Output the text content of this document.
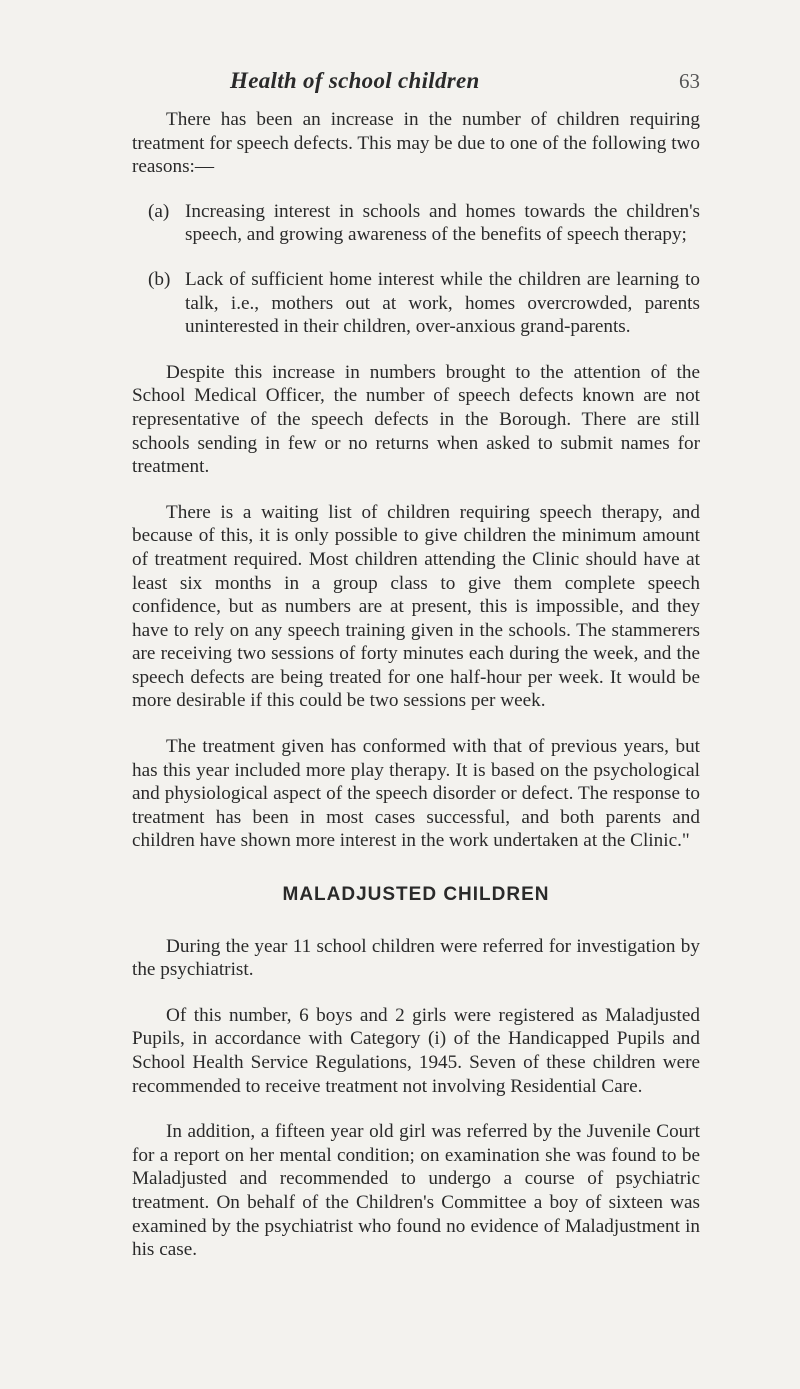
Health of school children	63

There has been an increase in the number of children requiring treatment for speech defects. This may be due to one of the following two reasons:—

(a) Increasing interest in schools and homes towards the children's speech, and growing awareness of the benefits of speech therapy;

(b) Lack of sufficient home interest while the children are learning to talk, i.e., mothers out at work, homes overcrowded, parents uninterested in their children, over-anxious grand-parents.

Despite this increase in numbers brought to the attention of the School Medical Officer, the number of speech defects known are not representative of the speech defects in the Borough. There are still schools sending in few or no returns when asked to submit names for treatment.

There is a waiting list of children requiring speech therapy, and because of this, it is only possible to give children the minimum amount of treatment required. Most children attending the Clinic should have at least six months in a group class to give them complete speech confidence, but as numbers are at present, this is impossible, and they have to rely on any speech training given in the schools. The stammerers are receiving two sessions of forty minutes each during the week, and the speech defects are being treated for one half-hour per week. It would be more desirable if this could be two sessions per week.

The treatment given has conformed with that of previous years, but has this year included more play therapy. It is based on the psychological and physiological aspect of the speech disorder or defect. The response to treatment has been in most cases successful, and both parents and children have shown more interest in the work undertaken at the Clinic."

MALADJUSTED CHILDREN

During the year 11 school children were referred for investigation by the psychiatrist.

Of this number, 6 boys and 2 girls were registered as Maladjusted Pupils, in accordance with Category (i) of the Handicapped Pupils and School Health Service Regulations, 1945. Seven of these children were recommended to receive treatment not involving Residential Care.

In addition, a fifteen year old girl was referred by the Juvenile Court for a report on her mental condition; on examination she was found to be Maladjusted and recommended to undergo a course of psychiatric treatment. On behalf of the Children's Committee a boy of sixteen was examined by the psychiatrist who found no evidence of Maladjustment in his case.
